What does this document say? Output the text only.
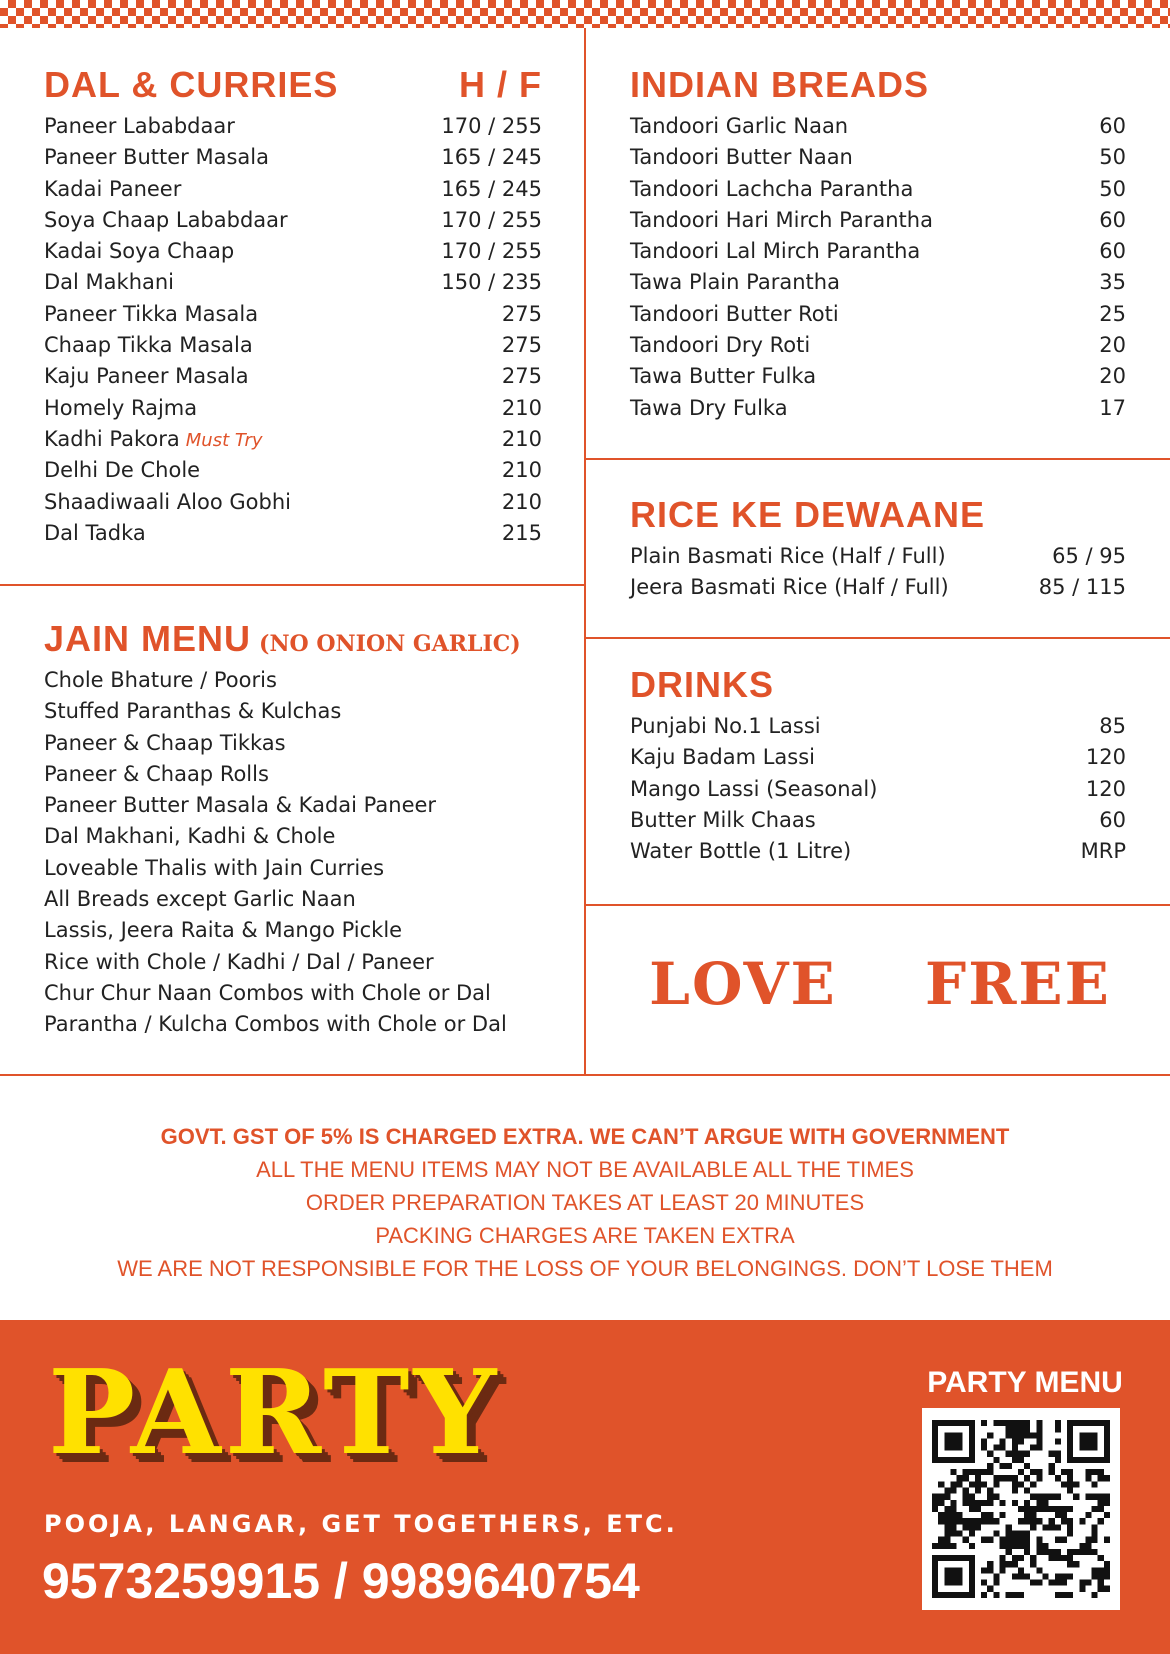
DAL & CURRIES	H / F
Paneer Lababdaar	170 / 255
Paneer Butter Masala	165 / 245
Kadai Paneer	165 / 245
Soya Chaap Lababdaar	170 / 255
Kadai Soya Chaap	170 / 255
Dal Makhani	150 / 235
Paneer Tikka Masala	275
Chaap Tikka Masala	275
Kaju Paneer Masala	275
Homely Rajma	210
Kadhi Pakora Must Try	210
Delhi De Chole	210
Shaadiwaali Aloo Gobhi	210
Dal Tadka	215
JAIN MENU (NO ONION GARLIC)
Chole Bhature / Pooris
Stuffed Paranthas & Kulchas
Paneer & Chaap Tikkas
Paneer & Chaap Rolls
Paneer Butter Masala & Kadai Paneer
Dal Makhani, Kadhi & Chole
Loveable Thalis with Jain Curries
All Breads except Garlic Naan
Lassis, Jeera Raita & Mango Pickle
Rice with Chole / Kadhi / Dal / Paneer
Chur Chur Naan Combos with Chole or Dal
Parantha / Kulcha Combos with Chole or Dal
INDIAN BREADS
Tandoori Garlic Naan	60
Tandoori Butter Naan	50
Tandoori Lachcha Parantha	50
Tandoori Hari Mirch Parantha	60
Tandoori Lal Mirch Parantha	60
Tawa Plain Parantha	35
Tandoori Butter Roti	25
Tandoori Dry Roti	20
Tawa Butter Fulka	20
Tawa Dry Fulka	17
RICE KE DEWAANE
Plain Basmati Rice (Half / Full)	65 / 95
Jeera Basmati Rice (Half / Full)	85 / 115
DRINKS
Punjabi No.1 Lassi	85
Kaju Badam Lassi	120
Mango Lassi (Seasonal)	120
Butter Milk Chaas	60
Water Bottle (1 Litre)	MRP
LOVE  FREE
GOVT. GST OF 5% IS CHARGED EXTRA. WE CAN’T ARGUE WITH GOVERNMENT
ALL THE MENU ITEMS MAY NOT BE AVAILABLE ALL THE TIMES
ORDER PREPARATION TAKES AT LEAST 20 MINUTES
PACKING CHARGES ARE TAKEN EXTRA
WE ARE NOT RESPONSIBLE FOR THE LOSS OF YOUR BELONGINGS. DON’T LOSE THEM
PARTY
POOJA, LANGAR, GET TOGETHERS, ETC.
9573259915 / 9989640754
PARTY MENU
